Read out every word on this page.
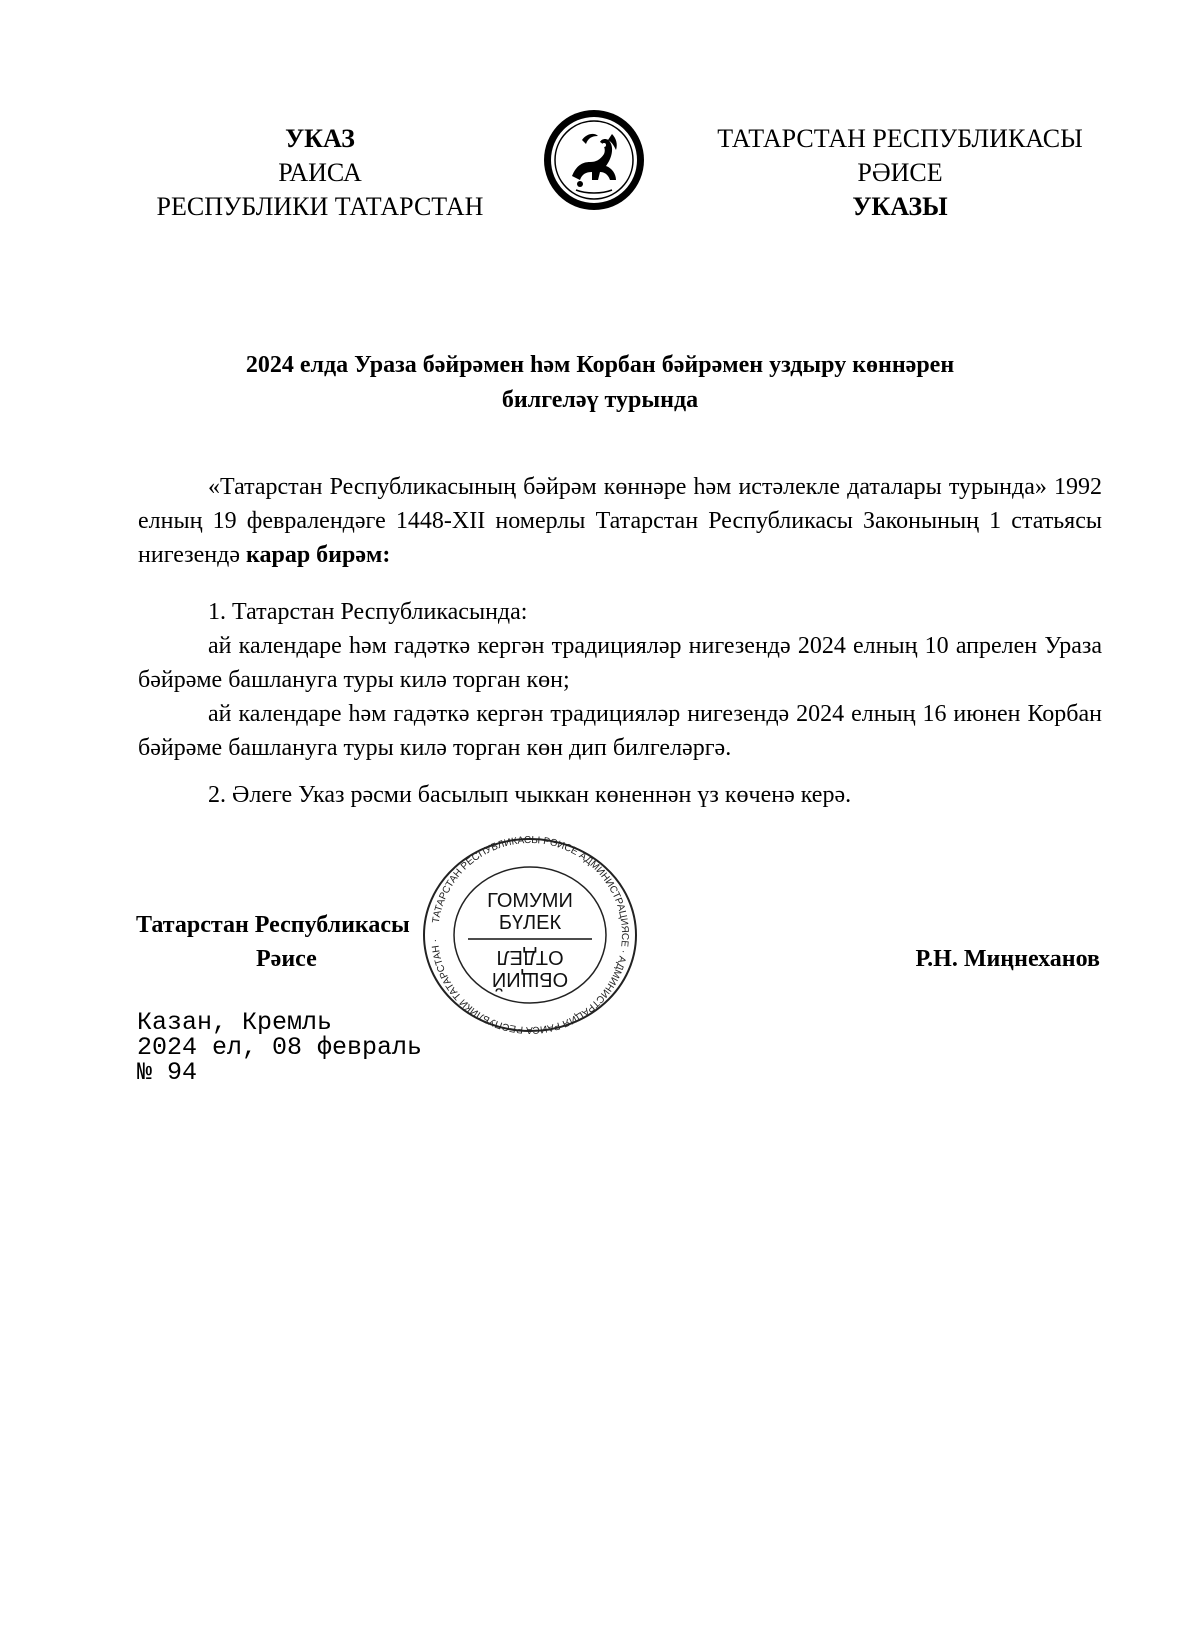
УКАЗ
РАИСА
РЕСПУБЛИКИ ТАТАРСТАН
ТАТАРСТАН РЕСПУБЛИКАСЫ
РӘИСЕ
УКАЗЫ
2024 елда Ураза бәйрәмен һәм Корбан бәйрәмен уздыру көннәрен
билгеләү турында
«Татарстан Республикасының бәйрәм көннәре һәм истәлекле даталары турында» 1992 елның 19 февралендәге 1448-XII номерлы Татарстан Республикасы Законының 1 статьясы нигезендә карар бирәм:
1. Татарстан Республикасында:
ай календаре һәм гадәткә кергән традицияләр нигезендә 2024 елның 10 апрелен Ураза бәйрәме башлануга туры килә торган көн;
ай календаре һәм гадәткә кергән традицияләр нигезендә 2024 елның 16 июнен Корбан бәйрәме башлануга туры килә торган көн дип билгеләргә.
2. Әлеге Указ рәсми басылып чыккан көненнән үз көченә керә.
ТАТАРСТАН РЕСПУБЛИКАСЫ РӘИСЕ АДМИНИСТРАЦИЯСЕ · АДМИНИСТРАЦИЯ РАИСА РЕСПУБЛИКИ ТАТАРСТАН ·
ГОМУМИ
БҮЛЕК
ОТДЕЛ
ОБЩИЙ
Татарстан Республикасы
Рәисе	Р.Н. Миңнеханов
Казан, Кремль
2024 ел, 08 февраль
№ 94
